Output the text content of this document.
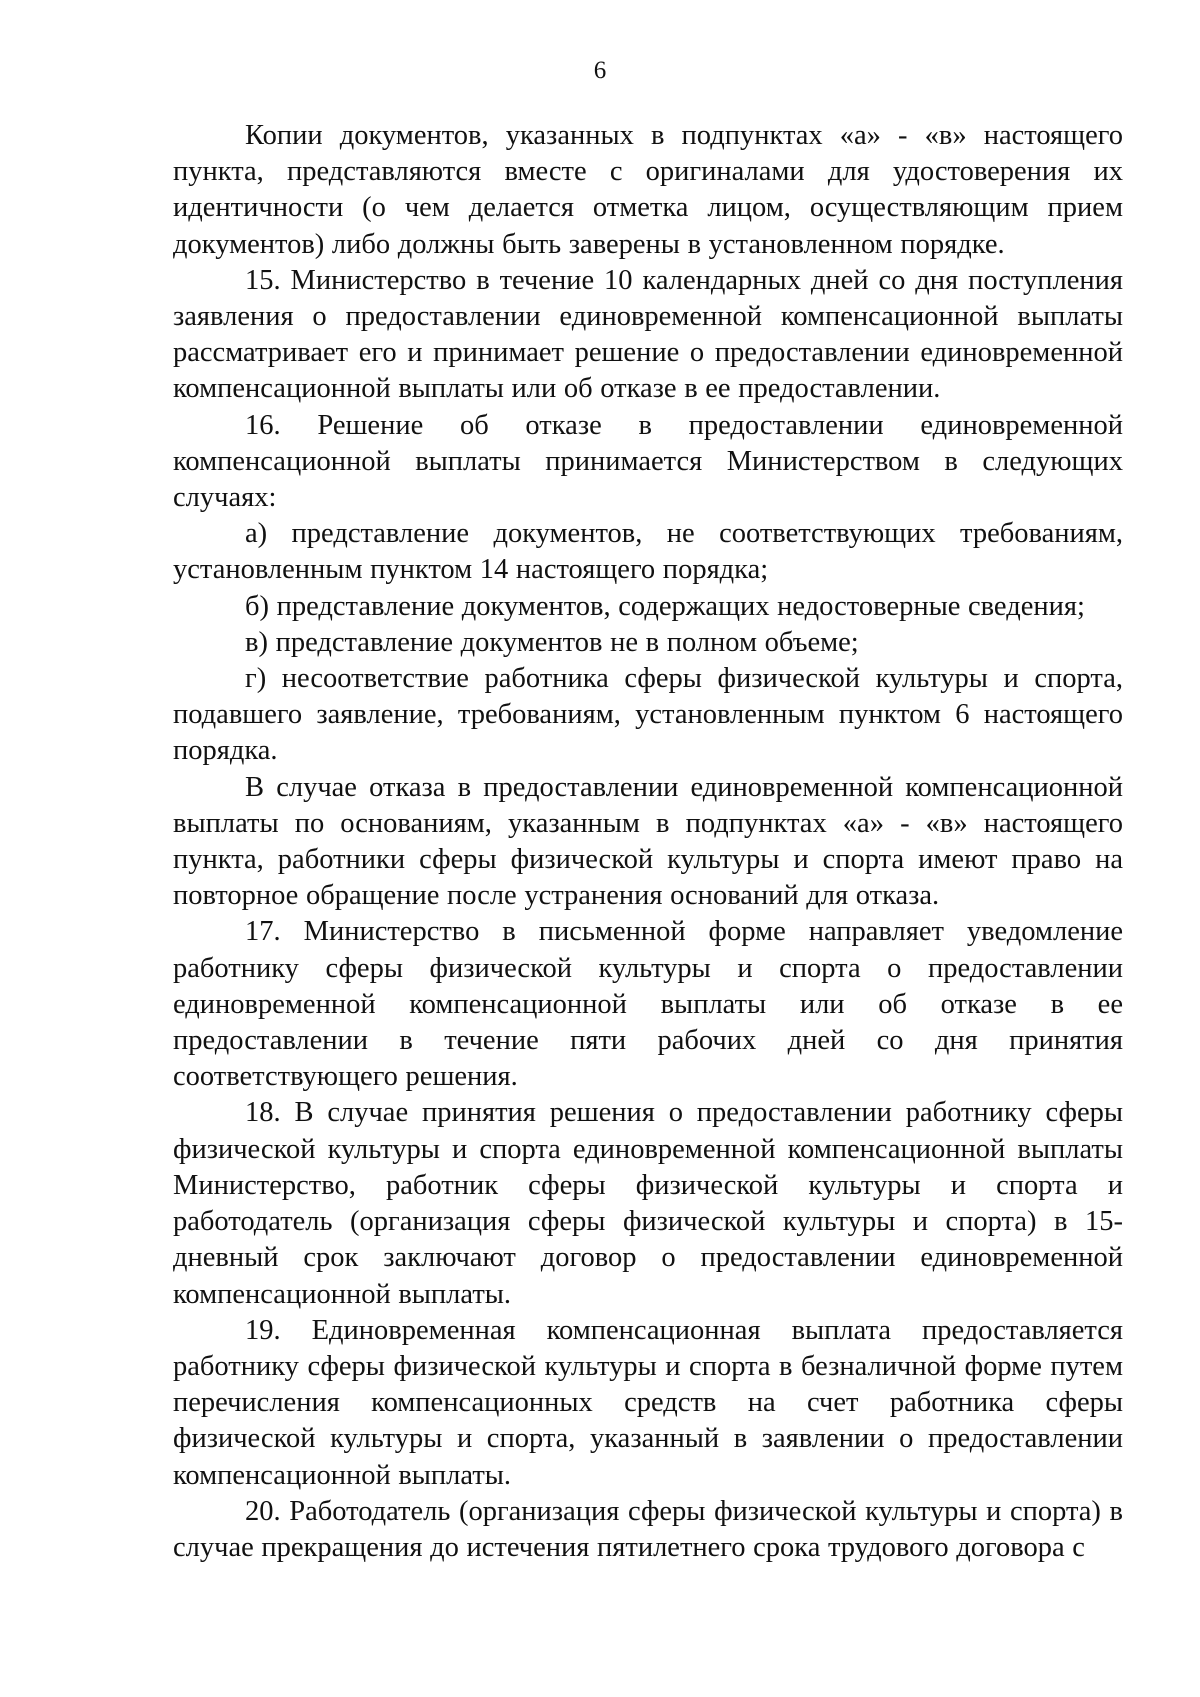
6

Копии документов, указанных в подпунктах «а» - «в» настоящего пункта, представляются вместе с оригиналами для удостоверения их идентичности (о чем делается отметка лицом, осуществляющим прием документов) либо должны быть заверены в установленном порядке.

15. Министерство в течение 10 календарных дней со дня поступления заявления о предоставлении единовременной компенсационной выплаты рассматривает его и принимает решение о предоставлении единовременной компенсационной выплаты или об отказе в ее предоставлении.

16. Решение об отказе в предоставлении единовременной компенсационной выплаты принимается Министерством в следующих случаях:

а) представление документов, не соответствующих требованиям, установленным пунктом 14 настоящего порядка;

б) представление документов, содержащих недостоверные сведения;

в) представление документов не в полном объеме;

г) несоответствие работника сферы физической культуры и спорта, подавшего заявление, требованиям, установленным пунктом 6 настоящего порядка.

В случае отказа в предоставлении единовременной компенсационной выплаты по основаниям, указанным в подпунктах «а» - «в» настоящего пункта, работники сферы физической культуры и спорта имеют право на повторное обращение после устранения оснований для отказа.

17. Министерство в письменной форме направляет уведомление работнику сферы физической культуры и спорта о предоставлении единовременной компенсационной выплаты или об отказе в ее предоставлении в течение пяти рабочих дней со дня принятия соответствующего решения.

18. В случае принятия решения о предоставлении работнику сферы физической культуры и спорта единовременной компенсационной выплаты Министерство, работник сферы физической культуры и спорта и работодатель (организация сферы физической культуры и спорта) в 15-дневный срок заключают договор о предоставлении единовременной компенсационной выплаты.

19. Единовременная компенсационная выплата предоставляется работнику сферы физической культуры и спорта в безналичной форме путем перечисления компенсационных средств на счет работника сферы физической культуры и спорта, указанный в заявлении о предоставлении компенсационной выплаты.

20. Работодатель (организация сферы физической культуры и спорта) в случае прекращения до истечения пятилетнего срока трудового договора с
